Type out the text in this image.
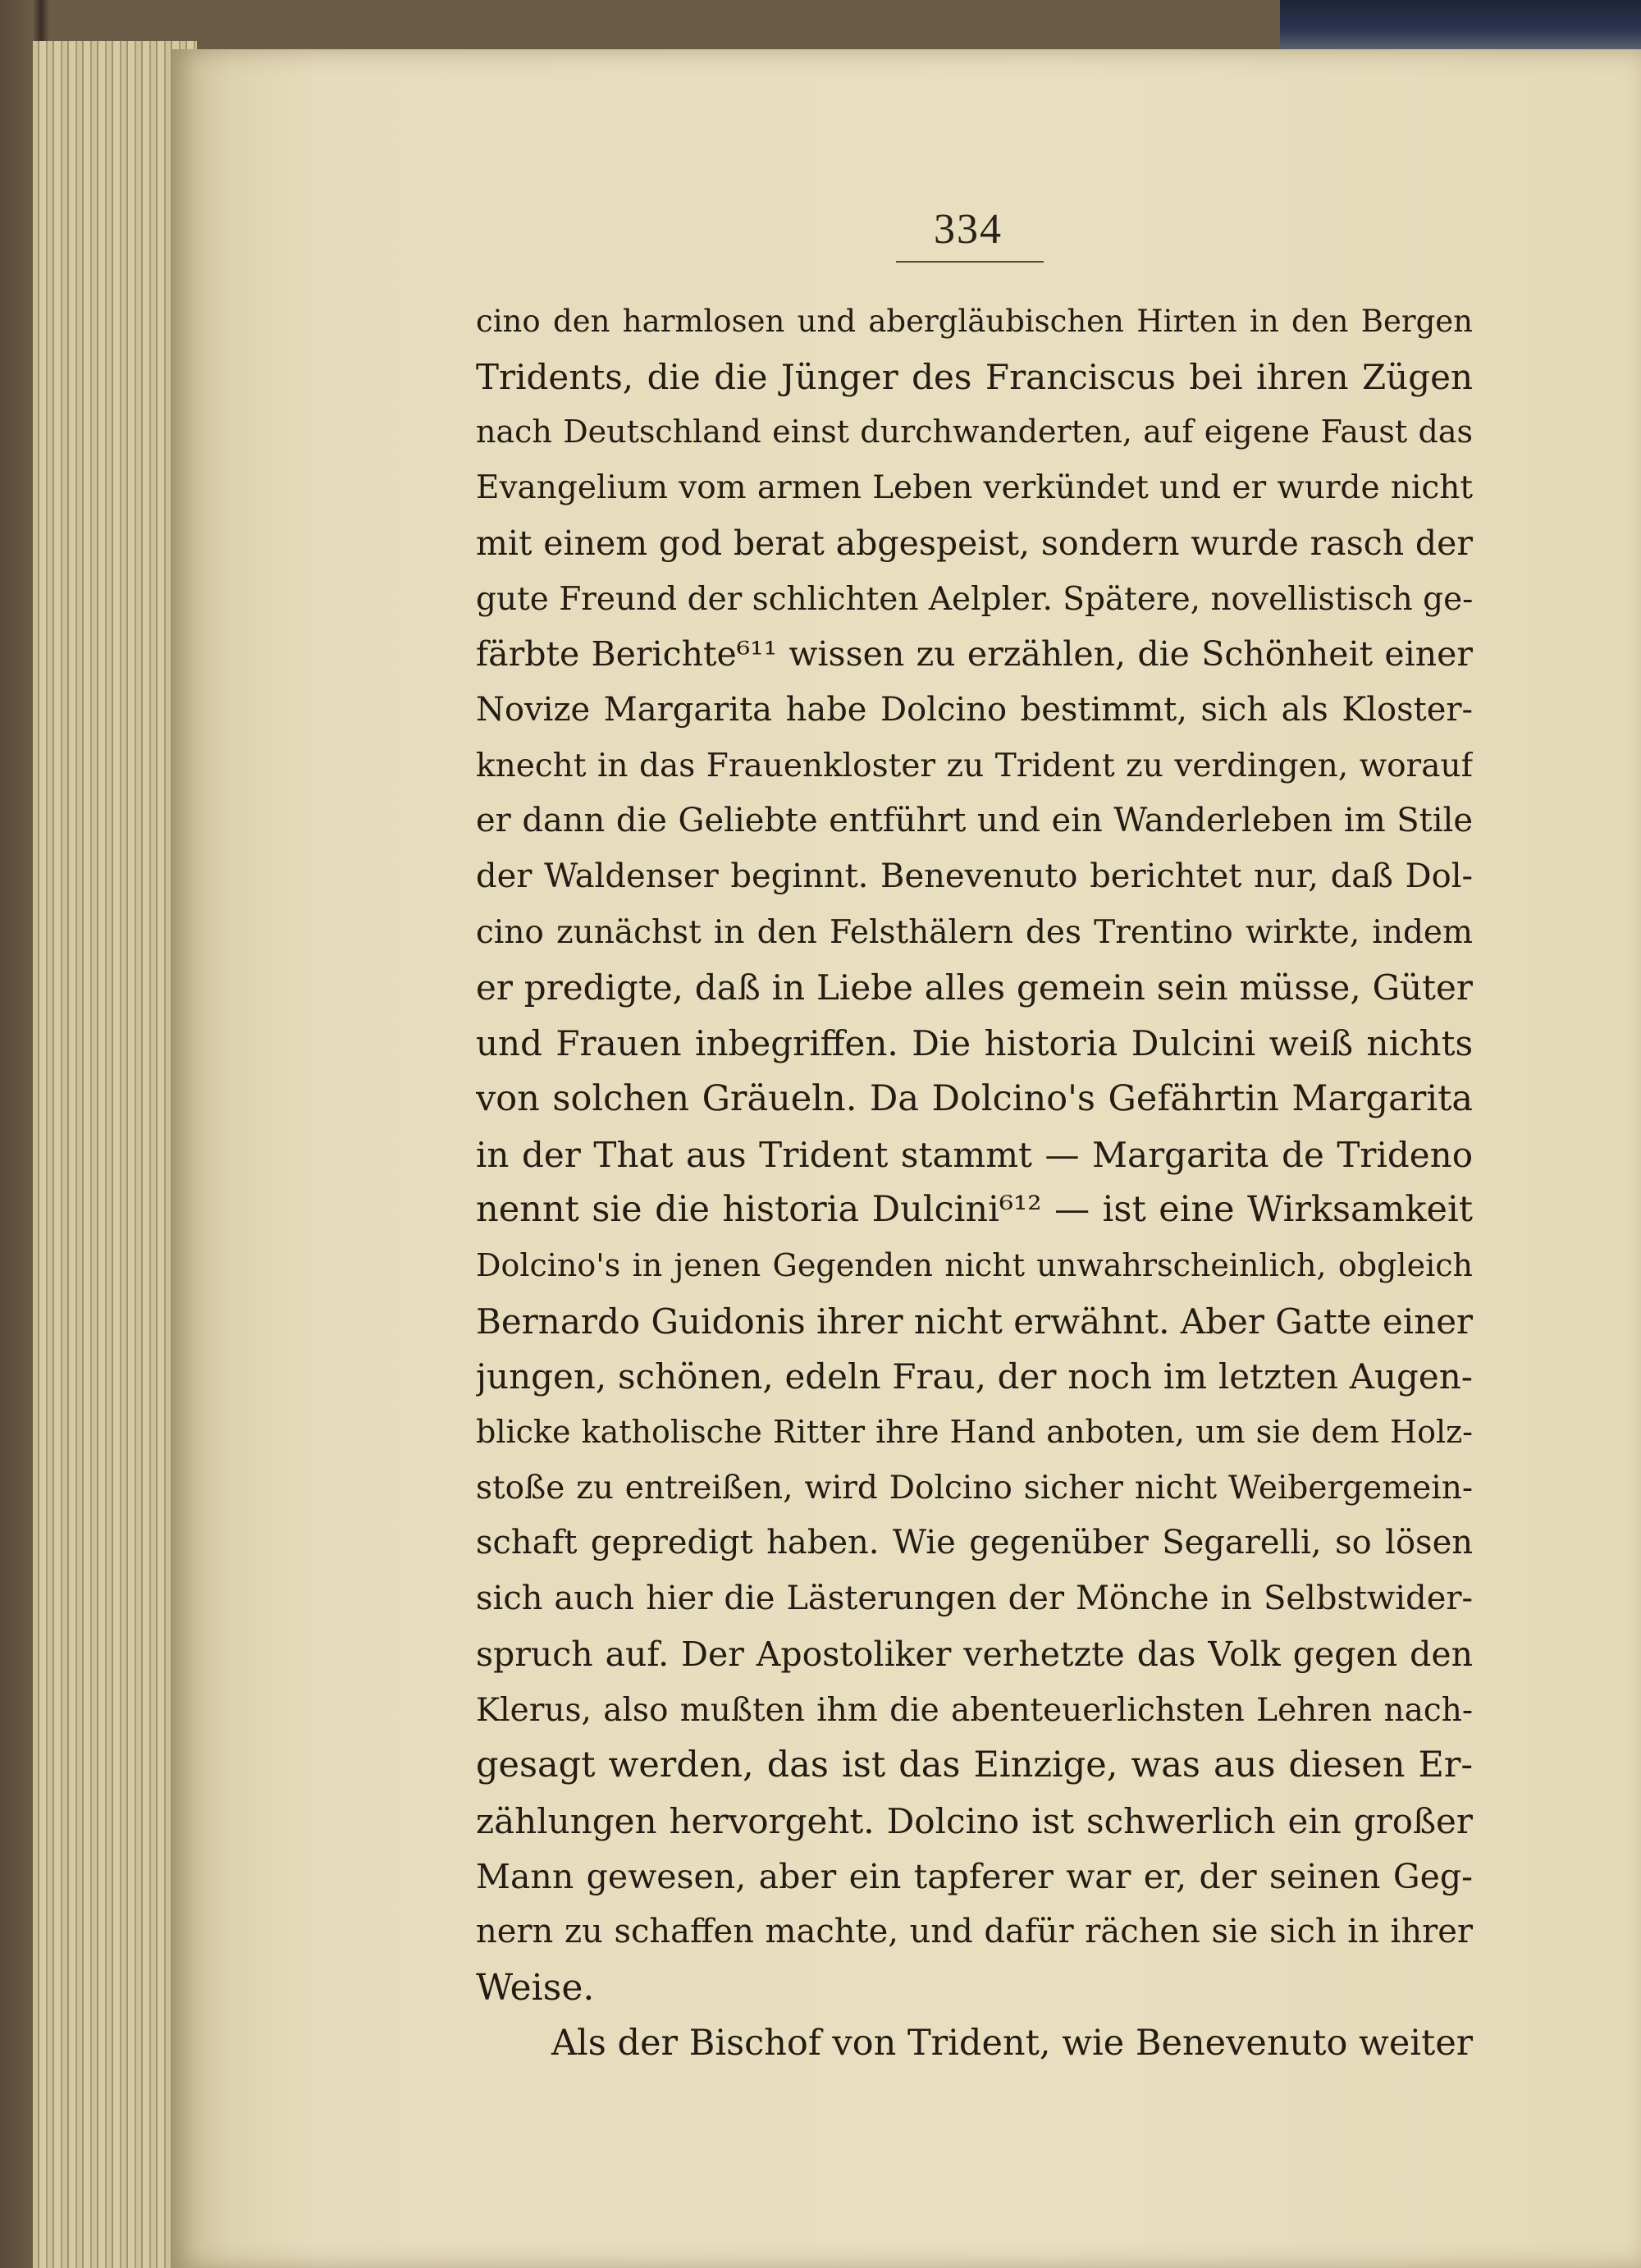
334
cino den harmlosen und abergläubischen Hirten in den Bergen
Tridents, die die Jünger des Franciscus bei ihren Zügen
nach Deutschland einst durchwanderten, auf eigene Faust das
Evangelium vom armen Leben verkündet und er wurde nicht
mit einem god berat abgespeist, sondern wurde rasch der
gute Freund der schlichten Aelpler. Spätere, novellistisch ge-
färbte Berichte⁶¹¹ wissen zu erzählen, die Schönheit einer
Novize Margarita habe Dolcino bestimmt, sich als Kloster-
knecht in das Frauenkloster zu Trident zu verdingen, worauf
er dann die Geliebte entführt und ein Wanderleben im Stile
der Waldenser beginnt. Benevenuto berichtet nur, daß Dol-
cino zunächst in den Felsthälern des Trentino wirkte, indem
er predigte, daß in Liebe alles gemein sein müsse, Güter
und Frauen inbegriffen. Die historia Dulcini weiß nichts
von solchen Gräueln. Da Dolcino's Gefährtin Margarita
in der That aus Trident stammt — Margarita de Trideno
nennt sie die historia Dulcini⁶¹² — ist eine Wirksamkeit
Dolcino's in jenen Gegenden nicht unwahrscheinlich, obgleich
Bernardo Guidonis ihrer nicht erwähnt. Aber Gatte einer
jungen, schönen, edeln Frau, der noch im letzten Augen-
blicke katholische Ritter ihre Hand anboten, um sie dem Holz-
stoße zu entreißen, wird Dolcino sicher nicht Weibergemein-
schaft gepredigt haben. Wie gegenüber Segarelli, so lösen
sich auch hier die Lästerungen der Mönche in Selbstwider-
spruch auf. Der Apostoliker verhetzte das Volk gegen den
Klerus, also mußten ihm die abenteuerlichsten Lehren nach-
gesagt werden, das ist das Einzige, was aus diesen Er-
zählungen hervorgeht. Dolcino ist schwerlich ein großer
Mann gewesen, aber ein tapferer war er, der seinen Geg-
nern zu schaffen machte, und dafür rächen sie sich in ihrer
Weise.
Als der Bischof von Trident, wie Benevenuto weiter
